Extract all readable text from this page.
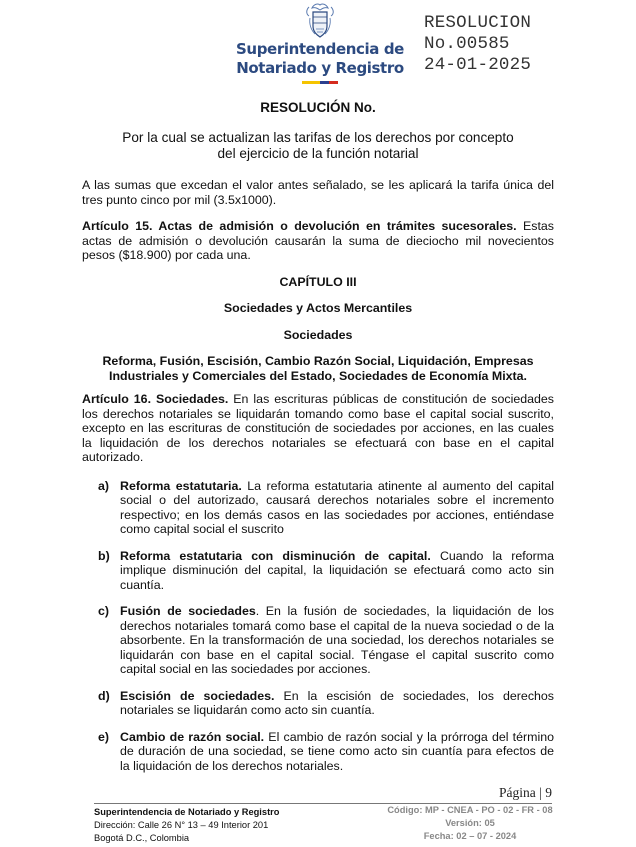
Superintendencia de
Notariado y Registro
RESOLUCION
No.00585
24-01-2025
RESOLUCIÓN No.
Por la cual se actualizan las tarifas de los derechos por concepto
del ejercicio de la función notarial

A las sumas que excedan el valor antes señalado, se les aplicará la tarifa única del tres punto cinco por mil (3.5x1000).

Artículo 15. Actas de admisión o devolución en trámites sucesorales. Estas actas de admisión o devolución causarán la suma de dieciocho mil novecientos pesos ($18.900) por cada una.

CAPÍTULO III
Sociedades y Actos Mercantiles
Sociedades
Reforma, Fusión, Escisión, Cambio Razón Social, Liquidación, Empresas
Industriales y Comerciales del Estado, Sociedades de Economía Mixta.

Artículo 16. Sociedades. En las escrituras públicas de constitución de sociedades los derechos notariales se liquidarán tomando como base el capital social suscrito, excepto en las escrituras de constitución de sociedades por acciones, en las cuales la liquidación de los derechos notariales se efectuará con base en el capital autorizado.

a) Reforma estatutaria. La reforma estatutaria atinente al aumento del capital social o del autorizado, causará derechos notariales sobre el incremento respectivo; en los demás casos en las sociedades por acciones, entiéndase como capital social el suscrito
b) Reforma estatutaria con disminución de capital. Cuando la reforma implique disminución del capital, la liquidación se efectuará como acto sin cuantía.
c) Fusión de sociedades. En la fusión de sociedades, la liquidación de los derechos notariales tomará como base el capital de la nueva sociedad o de la absorbente. En la transformación de una sociedad, los derechos notariales se liquidarán con base en el capital social. Téngase el capital suscrito como capital social en las sociedades por acciones.
d) Escisión de sociedades. En la escisión de sociedades, los derechos notariales se liquidarán como acto sin cuantía.
e) Cambio de razón social. El cambio de razón social y la prórroga del término de duración de una sociedad, se tiene como acto sin cuantía para efectos de la liquidación de los derechos notariales.
Página | 9
Superintendencia de Notariado y Registro
Dirección: Calle 26 N° 13 – 49 Interior 201
Bogotá D.C., Colombia
Código: MP - CNEA - PO - 02 - FR - 08
Versión: 05
Fecha: 02 – 07 - 2024
